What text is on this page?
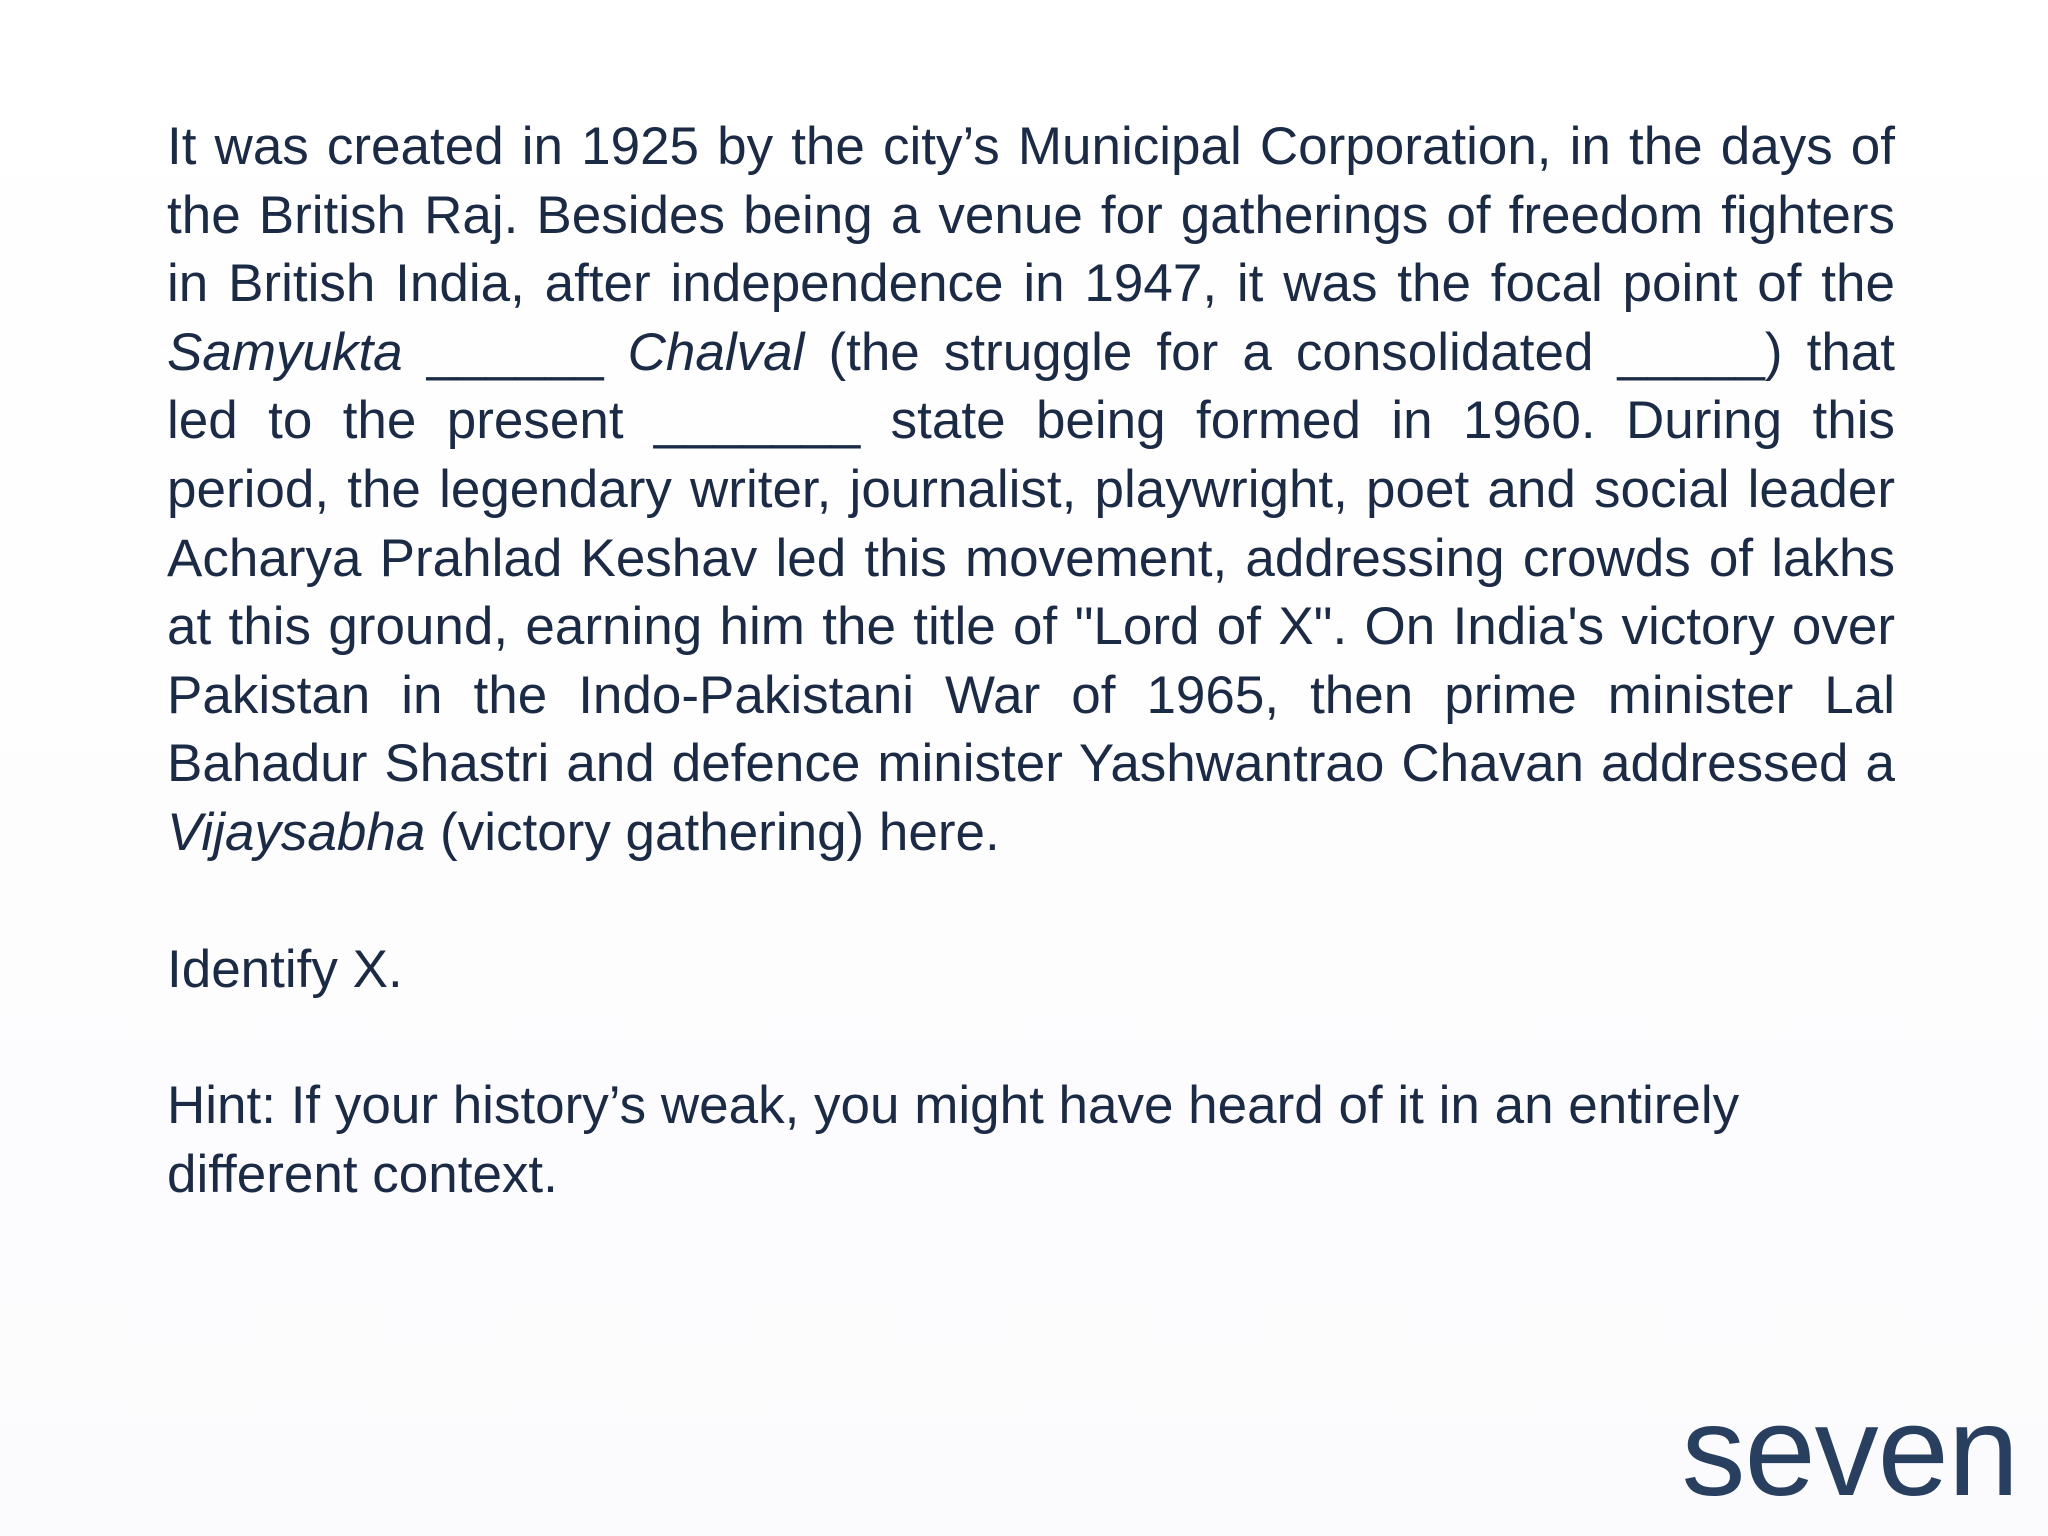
It was created in 1925 by the city’s Municipal Corporation, in the days of the British Raj. Besides being a venue for gatherings of freedom fighters in British India, after independence in 1947, it was the focal point of the Samyukta ______ Chalval (the struggle for a consolidated _____) that led to the present _______ state being formed in 1960. During this period, the legendary writer, journalist, playwright, poet and social leader Acharya Prahlad Keshav led this movement, addressing crowds of lakhs at this ground, earning him the title of "Lord of X". On India's victory over Pakistan in the Indo-Pakistani War of 1965, then prime minister Lal Bahadur Shastri and defence minister Yashwantrao Chavan addressed a Vijaysabha (victory gathering) here.

Identify X.

Hint: If your history’s weak, you might have heard of it in an entirely different context.

seven
